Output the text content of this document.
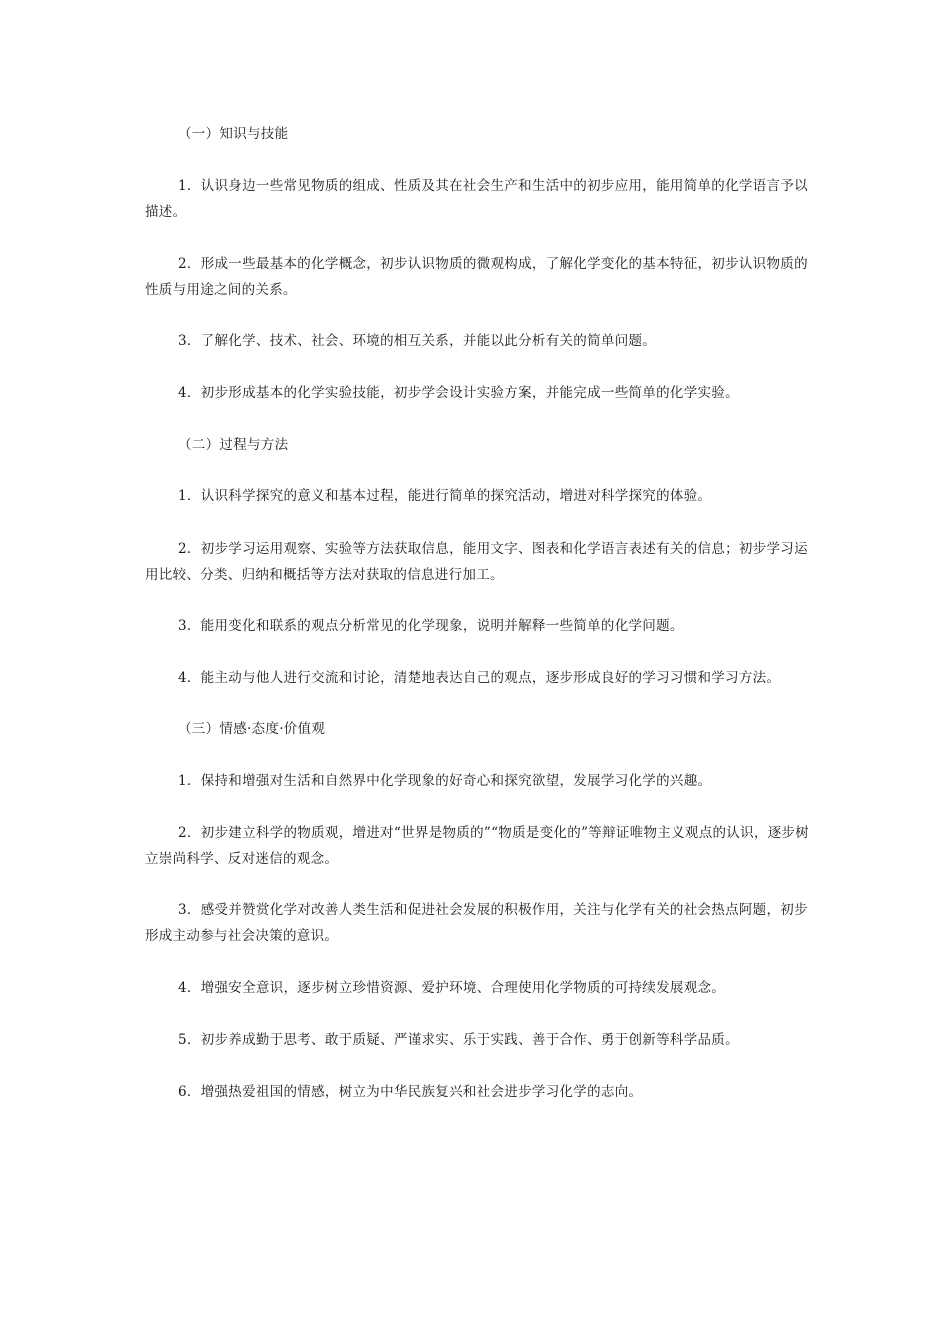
（一）知识与技能

1．认识身边一些常见物质的组成、性质及其在社会生产和生活中的初步应用，能用简单的化学语言予以描述。

2．形成一些最基本的化学概念，初步认识物质的微观构成，了解化学变化的基本特征，初步认识物质的性质与用途之间的关系。

3．了解化学、技术、社会、环境的相互关系，并能以此分析有关的简单问题。

4．初步形成基本的化学实验技能，初步学会设计实验方案，并能完成一些简单的化学实验。

（二）过程与方法

1．认识科学探究的意义和基本过程，能进行简单的探究活动，增进对科学探究的体验。

2．初步学习运用观察、实验等方法获取信息，能用文字、图表和化学语言表述有关的信息；初步学习运用比较、分类、归纳和概括等方法对获取的信息进行加工。

3．能用变化和联系的观点分析常见的化学现象，说明并解释一些简单的化学问题。

4．能主动与他人进行交流和讨论，清楚地表达自己的观点，逐步形成良好的学习习惯和学习方法。

（三）情感·态度·价值观

1．保持和增强对生活和自然界中化学现象的好奇心和探究欲望，发展学习化学的兴趣。

2．初步建立科学的物质观，增进对“世界是物质的”“物质是变化的”等辩证唯物主义观点的认识，逐步树立崇尚科学、反对迷信的观念。

3．感受并赞赏化学对改善人类生活和促进社会发展的积极作用，关注与化学有关的社会热点阿题，初步形成主动参与社会决策的意识。

4．增强安全意识，逐步树立珍惜资源、爱护环境、合理使用化学物质的可持续发展观念。

5．初步养成勤于思考、敢于质疑、严谨求实、乐于实践、善于合作、勇于创新等科学品质。

6．增强热爱祖国的情感，树立为中华民族复兴和社会进步学习化学的志向。
